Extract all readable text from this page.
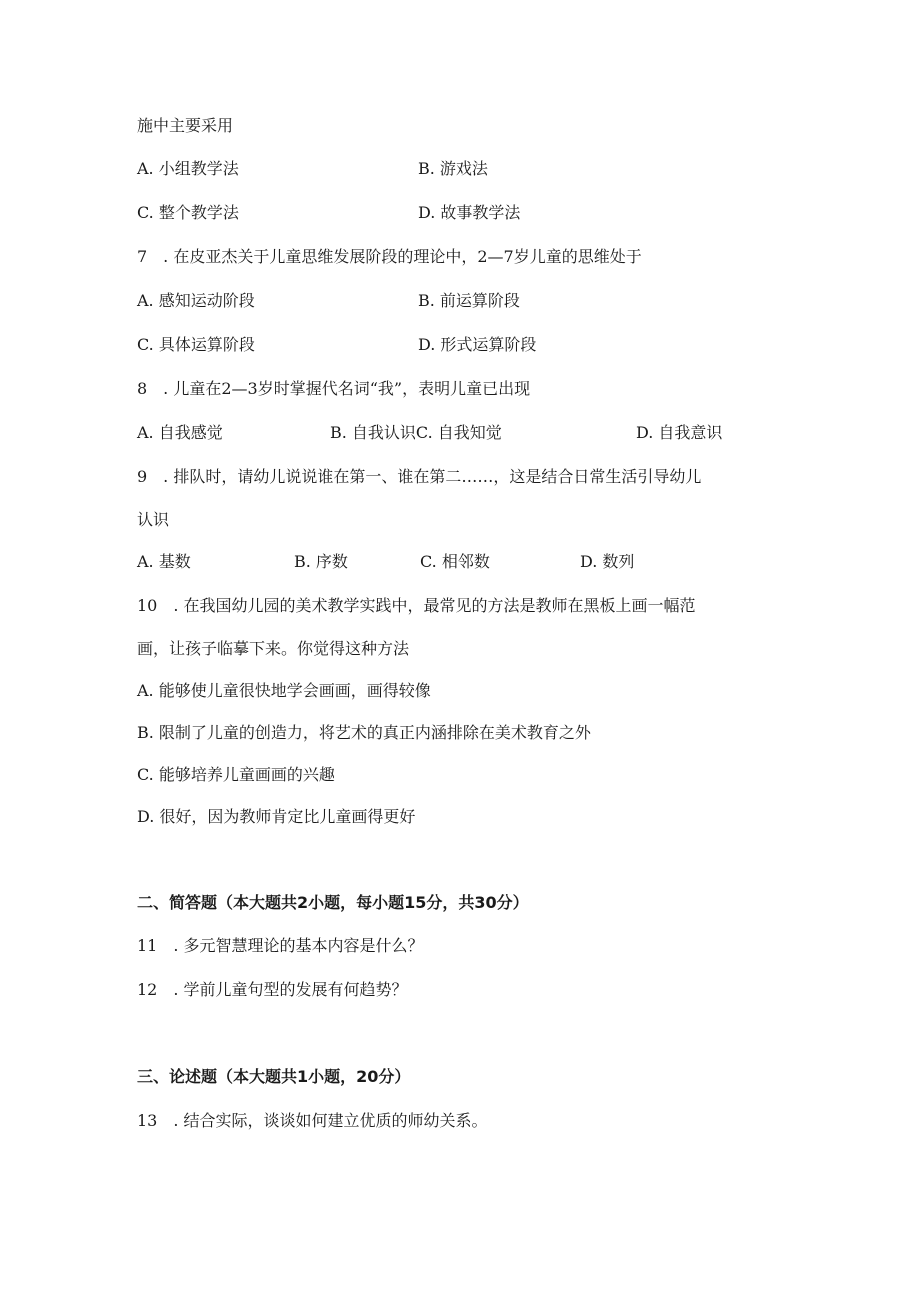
施中主要采用
A. 小组教学法	B. 游戏法
C. 整个教学法	D. 故事教学法
7　. 在皮亚杰关于儿童思维发展阶段的理论中，2—7岁儿童的思维处于
A. 感知运动阶段	B. 前运算阶段
C. 具体运算阶段	D. 形式运算阶段
8　. 儿童在2—3岁时掌握代名词“我”，表明儿童已出现
A. 自我感觉	B. 自我认识C. 自我知觉	D. 自我意识
9　. 排队时，请幼儿说说谁在第一、谁在第二……，这是结合日常生活引导幼儿
认识
A. 基数	B. 序数	C. 相邻数	D. 数列
10　. 在我国幼儿园的美术教学实践中，最常见的方法是教师在黑板上画一幅范
画，让孩子临摹下来。你觉得这种方法
A. 能够使儿童很快地学会画画，画得较像
B. 限制了儿童的创造力，将艺术的真正内涵排除在美术教育之外
C. 能够培养儿童画画的兴趣
D. 很好，因为教师肯定比儿童画得更好
二、简答题（本大题共2小题，每小题15分，共30分）
11　. 多元智慧理论的基本内容是什么？
12　. 学前儿童句型的发展有何趋势？
三、论述题（本大题共1小题，20分）
13　. 结合实际，谈谈如何建立优质的师幼关系。
